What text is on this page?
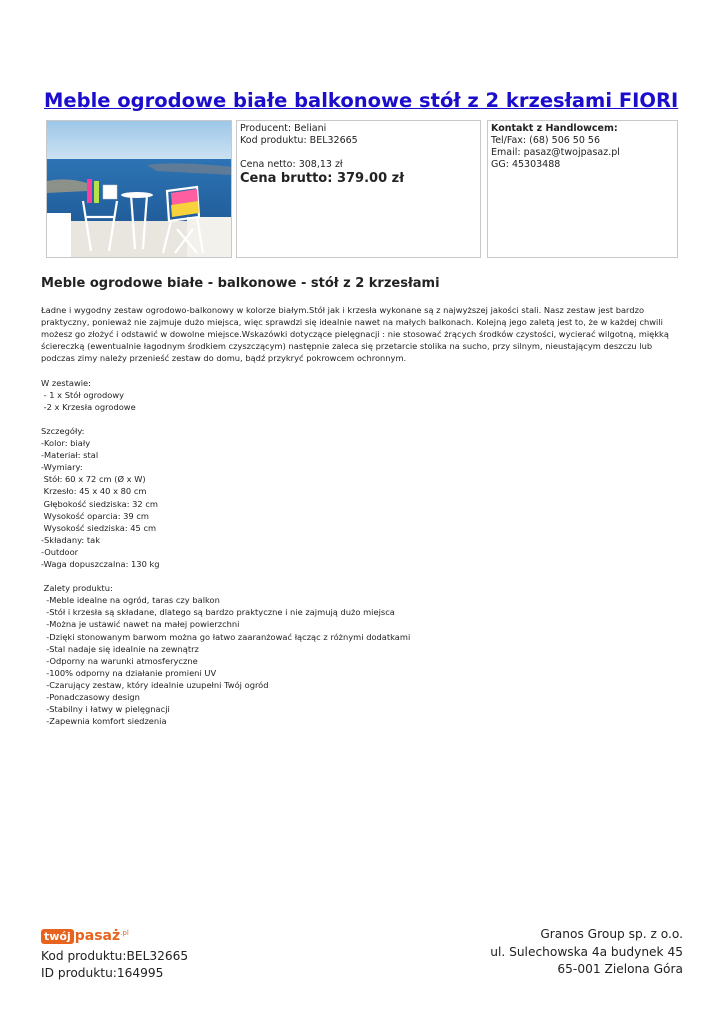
Meble ogrodowe białe balkonowe stół z 2 krzesłami FIORI
Producent: Beliani
Kod produktu: BEL32665
Cena netto: 308,13 zł
Cena brutto: 379.00 zł
Kontakt z Handlowcem:
Tel/Fax: (68) 506 50 56
Email: pasaz@twojpasaz.pl
GG: 45303488
Meble ogrodowe białe - balkonowe - stół z 2 krzesłami
Ładne i wygodny zestaw ogrodowo-balkonowy w kolorze białym.Stół jak i krzesła wykonane są z najwyższej jakości stali. Nasz zestaw jest bardzo
praktyczny, ponieważ nie zajmuje dużo miejsca, więc sprawdzi się idealnie nawet na małych balkonach. Kolejną jego zaletą jest to, że w każdej chwili
możesz go złożyć i odstawić w dowolne miejsce.Wskazówki dotyczące pielęgnacji : nie stosować żrących środków czystości, wycierać wilgotną, miękką
ściereczką (ewentualnie łagodnym środkiem czyszczącym) następnie zaleca się przetarcie stolika na sucho, przy silnym, nieustającym deszczu lub
podczas zimy należy przenieść zestaw do domu, bądź przykryć pokrowcem ochronnym.
W zestawie:
- 1 x Stół ogrodowy
-2 x Krzesła ogrodowe
Szczegóły:
-Kolor: biały
-Materiał: stal
-Wymiary:
Stół: 60 x 72 cm (Ø x W)
Krzesło: 45 x 40 x 80 cm
Głębokość siedziska: 32 cm
Wysokość oparcia: 39 cm
Wysokość siedziska: 45 cm
-Składany: tak
-Outdoor
-Waga dopuszczalna: 130 kg
Zalety produktu:
-Meble idealne na ogród, taras czy balkon
-Stół i krzesła są składane, dlatego są bardzo praktyczne i nie zajmują dużo miejsca
-Można je ustawić nawet na małej powierzchni
-Dzięki stonowanym barwom można go łatwo zaaranżować łącząc z różnymi dodatkami
-Stal nadaje się idealnie na zewnątrz
-Odporny na warunki atmosferyczne
-100% odporny na działanie promieni UV
-Czarujący zestaw, który idealnie uzupełni Twój ogród
-Ponadczasowy design
-Stabilny i łatwy w pielęgnacji
-Zapewnia komfort siedzenia
twój pasaż .pl
Kod produktu:BEL32665
ID produktu:164995
Granos Group sp. z o.o.
ul. Sulechowska 4a budynek 45
65-001 Zielona Góra
